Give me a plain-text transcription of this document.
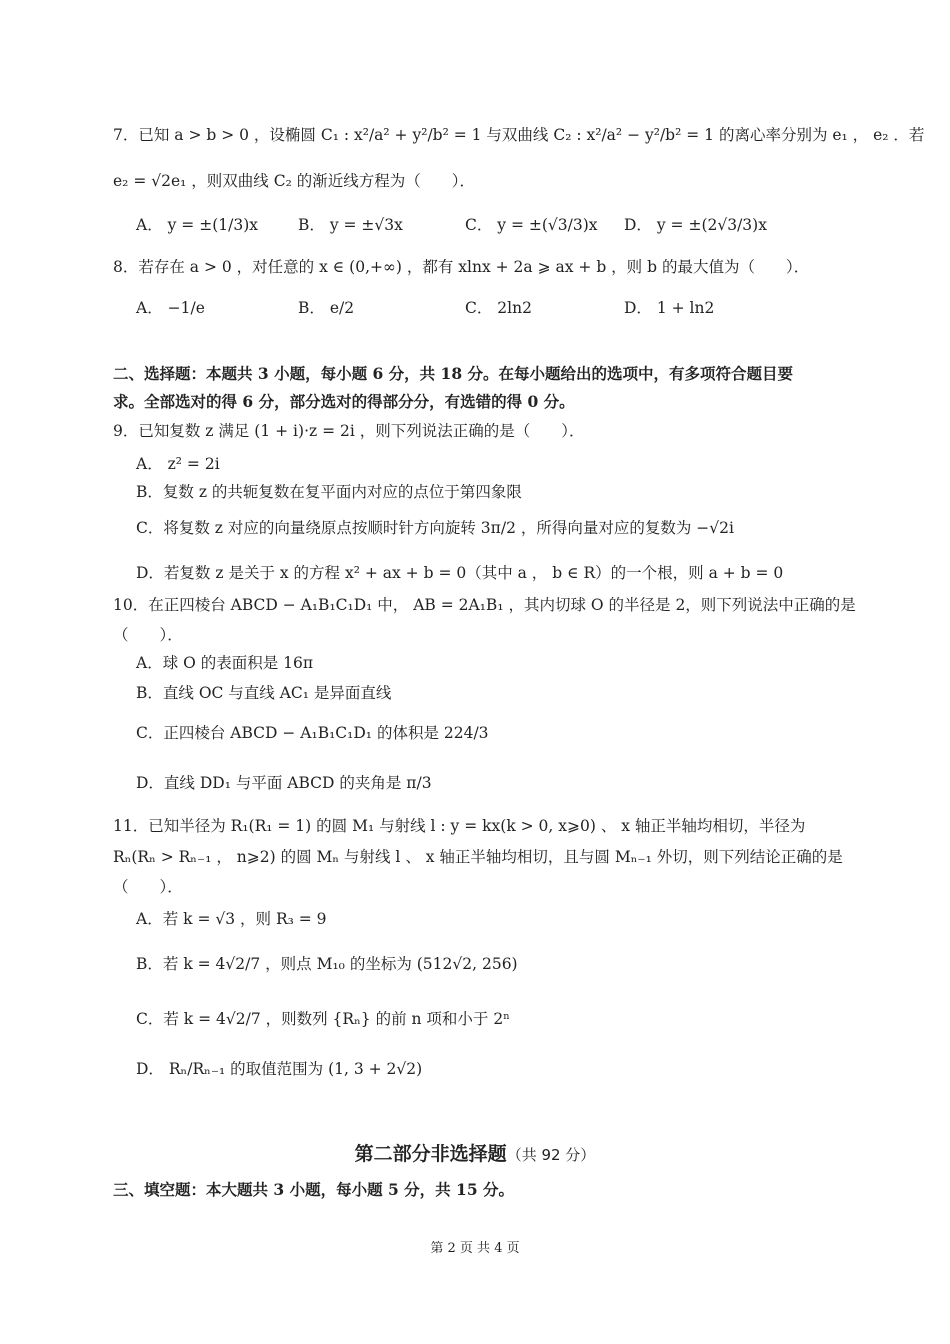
7．已知 a > b > 0 ，设椭圆 C₁ : x²/a² + y²/b² = 1 与双曲线 C₂ : x²/a² − y²/b² = 1 的离心率分别为 e₁ ， e₂ ．若
e₂ = √2e₁ ，则双曲线 C₂ 的渐近线方程为（　　）．
A． y = ±(1/3)x	B． y = ±√3x	C． y = ±(√3/3)x D． y = ±(2√3/3)x
8．若存在 a > 0 ，对任意的 x ∈ (0,+∞) ，都有 xlnx + 2a ⩾ ax + b ，则 b 的最大值为（　　）．
A． −1/e	B． e/2	C． 2ln2	D． 1 + ln2
二、选择题：本题共 3 小题，每小题 6 分，共 18 分。在每小题给出的选项中，有多项符合题目要
求。全部选对的得 6 分，部分选对的得部分分，有选错的得 0 分。
9．已知复数 z 满足 (1 + i)·z = 2i ，则下列说法正确的是（　　）．
A． z² = 2i
B．复数 z 的共轭复数在复平面内对应的点位于第四象限
C．将复数 z 对应的向量绕原点按顺时针方向旋转 3π/2 ，所得向量对应的复数为 −√2i
D．若复数 z 是关于 x 的方程 x² + ax + b = 0（其中 a ， b ∈ R）的一个根，则 a + b = 0
10．在正四棱台 ABCD − A₁B₁C₁D₁ 中， AB = 2A₁B₁ ，其内切球 O 的半径是 2，则下列说法中正确的是
（　　）．
A．球 O 的表面积是 16π
B．直线 OC 与直线 AC₁ 是异面直线
C．正四棱台 ABCD − A₁B₁C₁D₁ 的体积是 224/3
D．直线 DD₁ 与平面 ABCD 的夹角是 π/3
11．已知半径为 R₁(R₁ = 1) 的圆 M₁ 与射线 l : y = kx(k > 0, x⩾0) 、 x 轴正半轴均相切，半径为
Rₙ(Rₙ > Rₙ₋₁ ， n⩾2) 的圆 Mₙ 与射线 l 、 x 轴正半轴均相切，且与圆 Mₙ₋₁ 外切，则下列结论正确的是
（　　）．
A．若 k = √3 ，则 R₃ = 9
B．若 k = 4√2/7 ，则点 M₁₀ 的坐标为 (512√2, 256)
C．若 k = 4√2/7 ，则数列 {Rₙ} 的前 n 项和小于 2ⁿ
D． Rₙ/Rₙ₋₁ 的取值范围为 (1, 3 + 2√2)
第二部分非选择题（共 92 分）
三、填空题：本大题共 3 小题，每小题 5 分，共 15 分。
第 2 页 共 4 页
